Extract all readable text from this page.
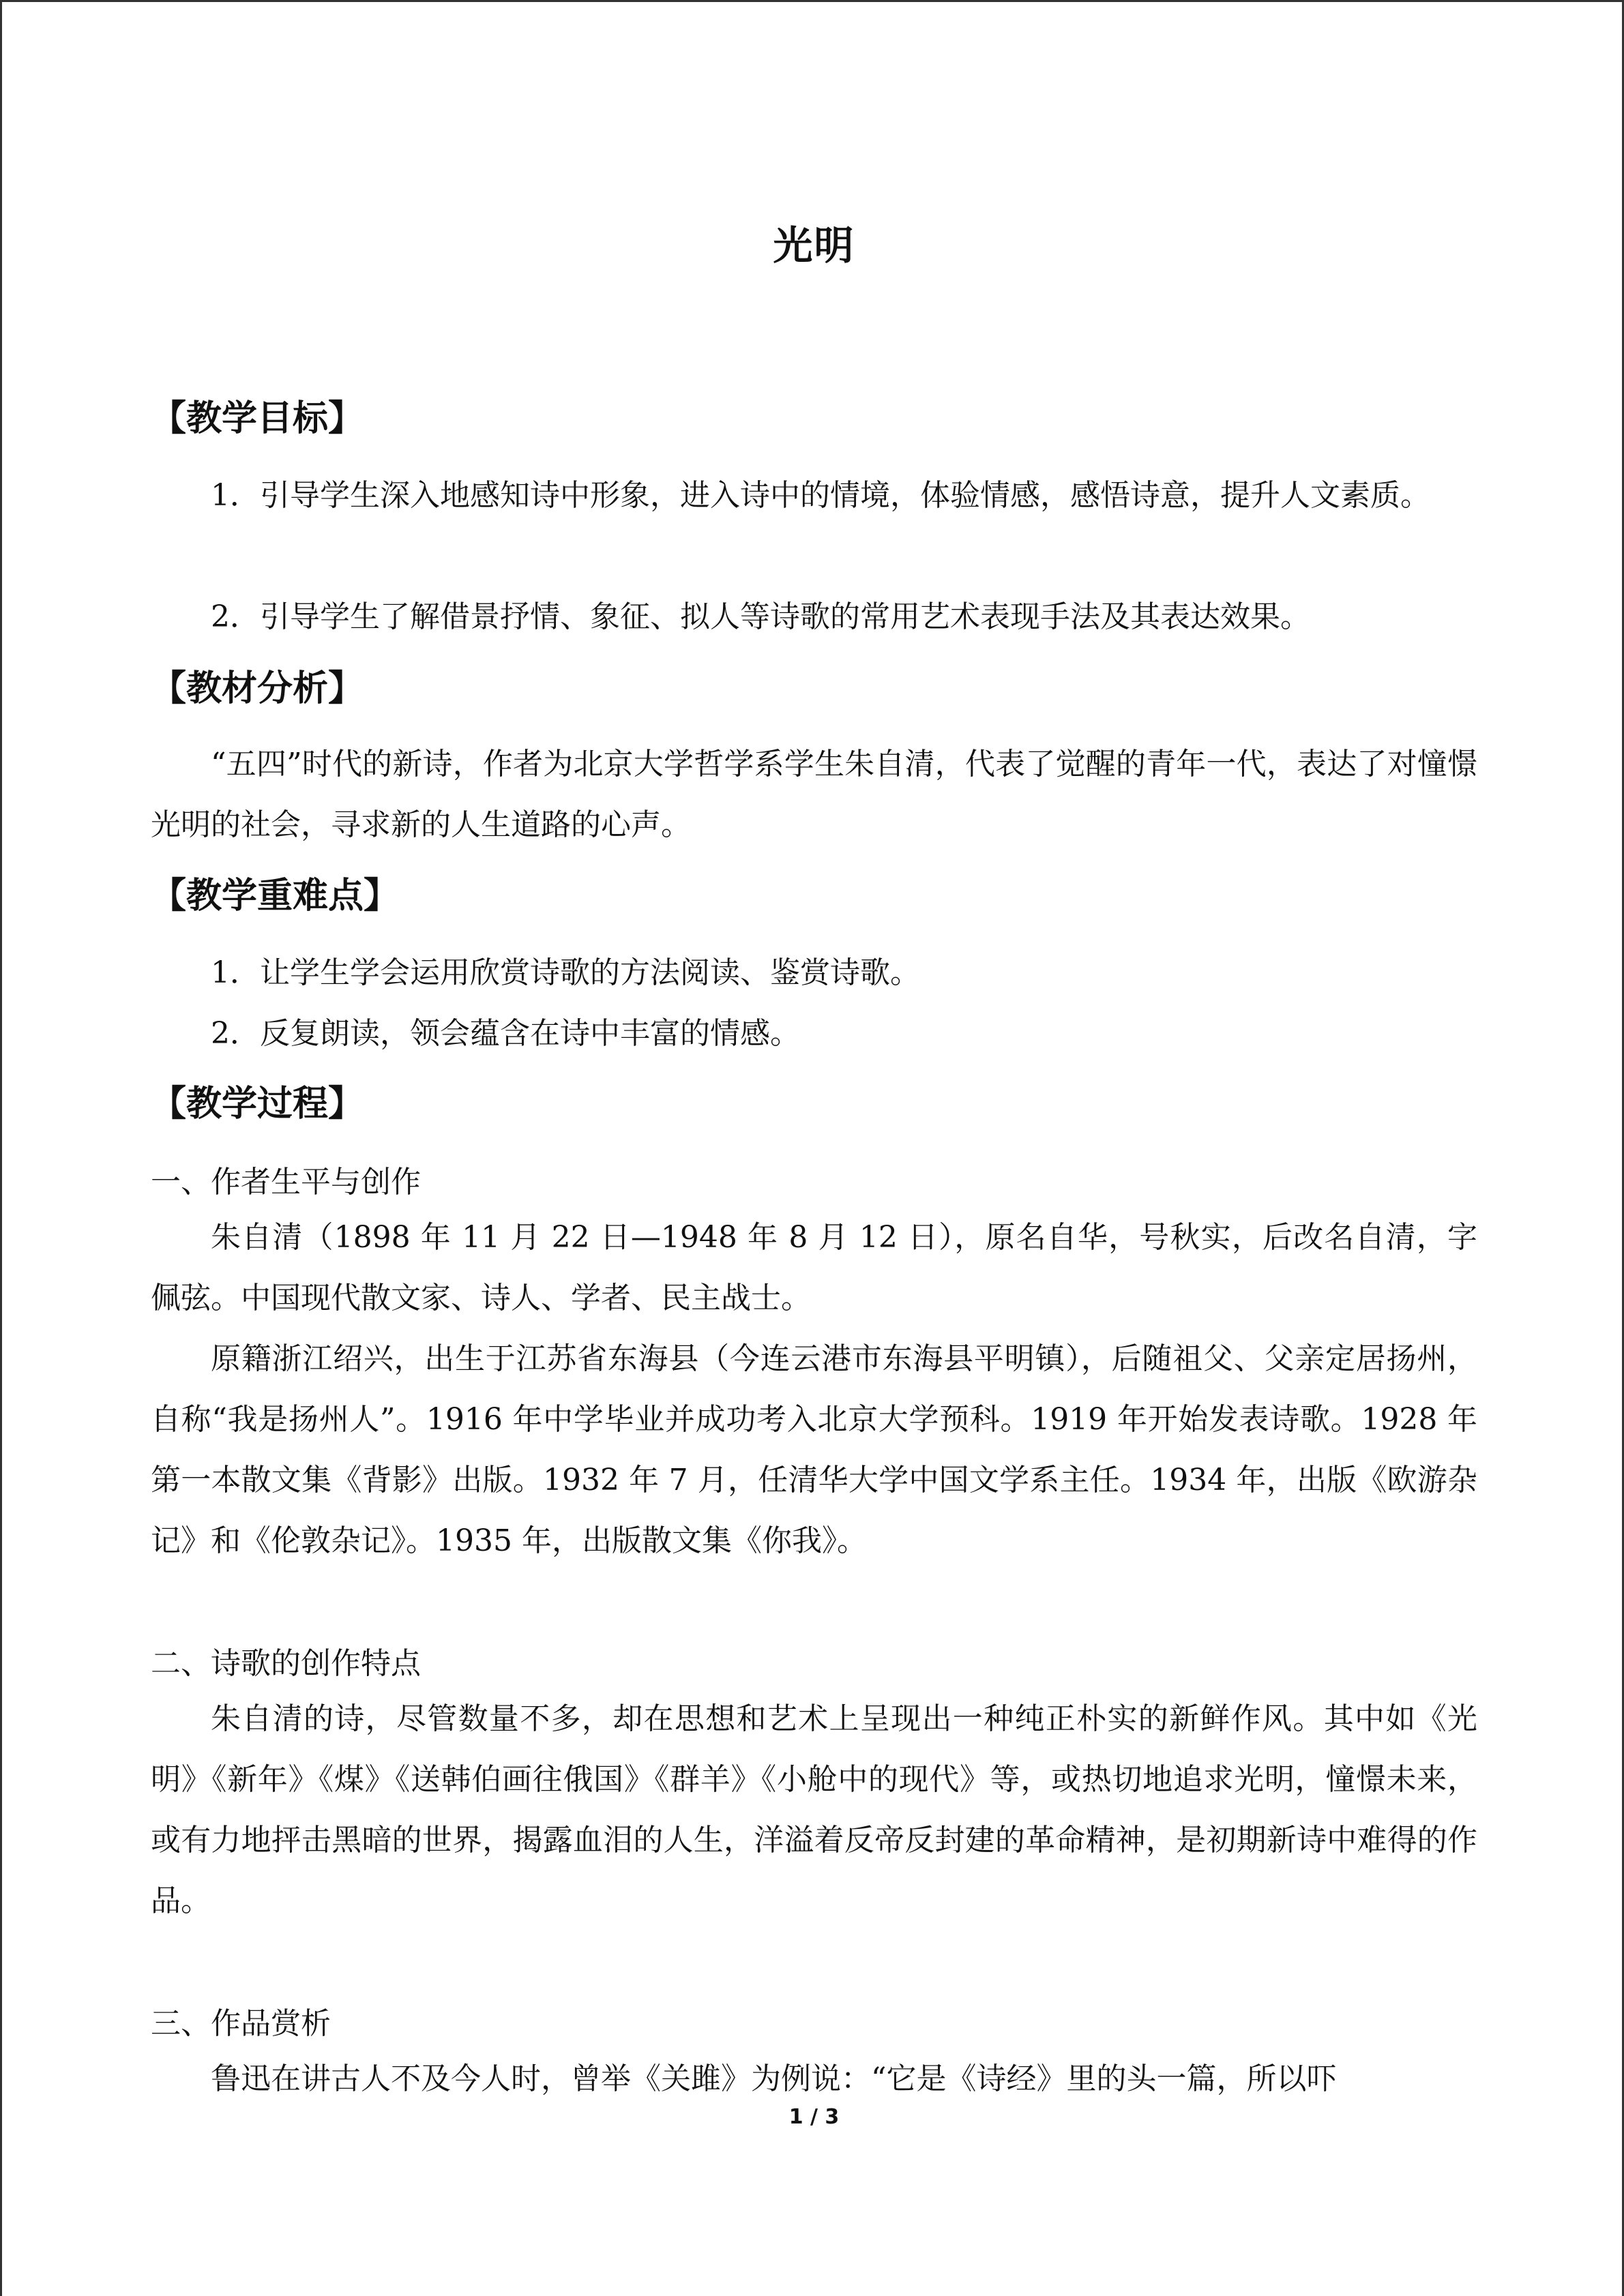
光明
【教学目标】

1．引导学生深入地感知诗中形象，进入诗中的情境，体验情感，感悟诗意，提升人文素质。

2．引导学生了解借景抒情、象征、拟人等诗歌的常用艺术表现手法及其表达效果。

【教材分析】

“五四”时代的新诗，作者为北京大学哲学系学生朱自清，代表了觉醒的青年一代，表达了对憧憬光明的社会，寻求新的人生道路的心声。

【教学重难点】

1．让学生学会运用欣赏诗歌的方法阅读、鉴赏诗歌。

2．反复朗读，领会蕴含在诗中丰富的情感。

【教学过程】
一、作者生平与创作

朱自清（1898 年 11 月 22 日—1948 年 8 月 12 日），原名自华，号秋实，后改名自清，字佩弦。中国现代散文家、诗人、学者、民主战士。

原籍浙江绍兴，出生于江苏省东海县（今连云港市东海县平明镇），后随祖父、父亲定居扬州，自称“我是扬州人”。1916 年中学毕业并成功考入北京大学预科。1919 年开始发表诗歌。1928 年第一本散文集《背影》出版。1932 年 7 月，任清华大学中国文学系主任。1934 年，出版《欧游杂记》和《伦敦杂记》。1935 年，出版散文集《你我》。

二、诗歌的创作特点

朱自清的诗，尽管数量不多，却在思想和艺术上呈现出一种纯正朴实的新鲜作风。其中如《光明》《新年》《煤》《送韩伯画往俄国》《群羊》《小舱中的现代》等，或热切地追求光明，憧憬未来，或有力地抨击黑暗的世界，揭露血泪的人生，洋溢着反帝反封建的革命精神，是初期新诗中难得的作品。

三、作品赏析

鲁迅在讲古人不及今人时，曾举《关雎》为例说：“它是《诗经》里的头一篇，所以吓

1 / 3
